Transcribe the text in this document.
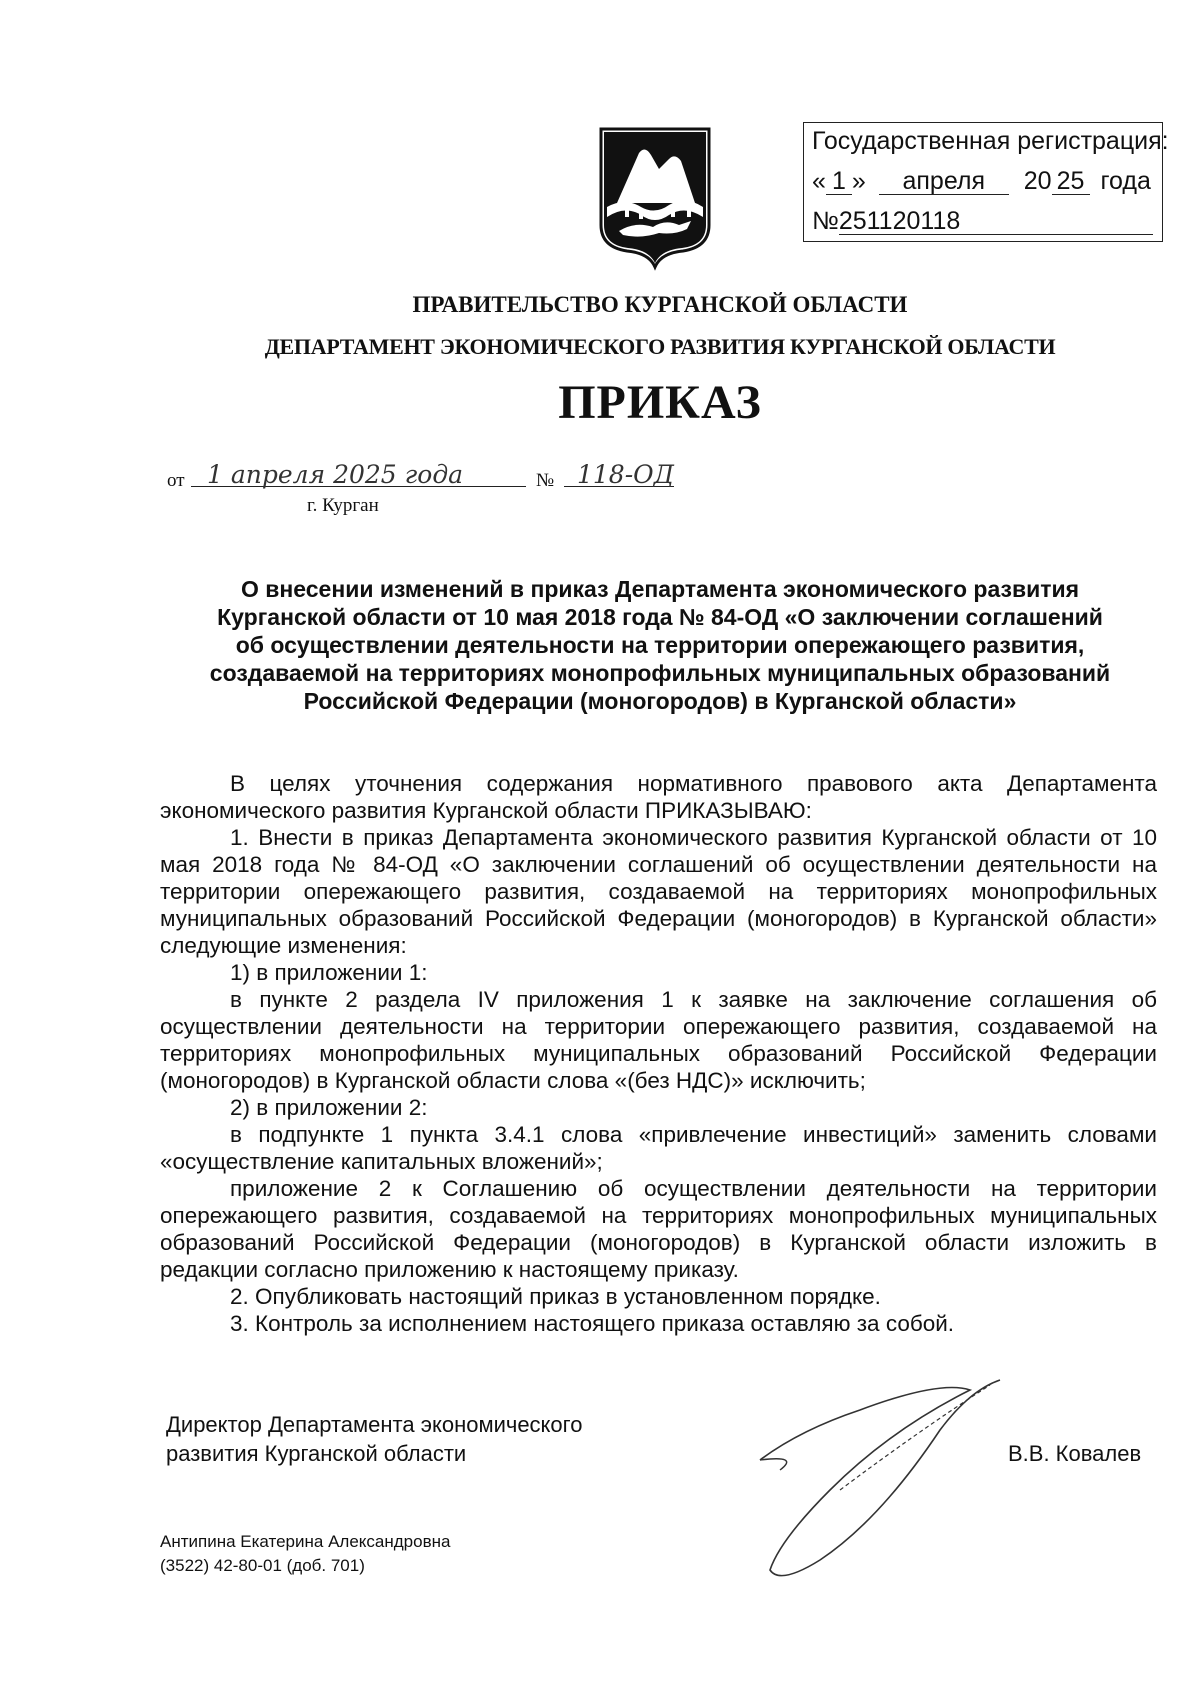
Государственная регистрация:
« 1 » апреля 20 25 года
№251120118
ПРАВИТЕЛЬСТВО КУРГАНСКОЙ ОБЛАСТИ
ДЕПАРТАМЕНТ ЭКОНОМИЧЕСКОГО РАЗВИТИЯ КУРГАНСКОЙ ОБЛАСТИ
ПРИКАЗ
от 1 апреля 2025 года	№ 118-ОД
г. Курган
О внесении изменений в приказ Департамента экономического развития
Курганской области от 10 мая 2018 года № 84-ОД «О заключении соглашений
об осуществлении деятельности на территории опережающего развития,
создаваемой на территориях монопрофильных муниципальных образований
Российской Федерации (моногородов) в Курганской области»

В целях уточнения содержания нормативного правового акта Департамента экономического развития Курганской области ПРИКАЗЫВАЮ:

1. Внести в приказ Департамента экономического развития Курганской области от 10 мая 2018 года № 84-ОД «О заключении соглашений об осуществлении деятельности на территории опережающего развития, создаваемой на территориях монопрофильных муниципальных образований Российской Федерации (моногородов) в Курганской области» следующие изменения:

1) в приложении 1:

в пункте 2 раздела IV приложения 1 к заявке на заключение соглашения об осуществлении деятельности на территории опережающего развития, создаваемой на территориях монопрофильных муниципальных образований Российской Федерации (моногородов) в Курганской области слова «(без НДС)» исключить;

2) в приложении 2:

в подпункте 1 пункта 3.4.1 слова «привлечение инвестиций» заменить словами «осуществление капитальных вложений»;

приложение 2 к Соглашению об осуществлении деятельности на территории опережающего развития, создаваемой на территориях монопрофильных муниципальных образований Российской Федерации (моногородов) в Курганской области изложить в редакции согласно приложению к настоящему приказу.

2. Опубликовать настоящий приказ в установленном порядке.

3. Контроль за исполнением настоящего приказа оставляю за собой.

Директор Департамента экономического
развития Курганской области	В.В. Ковалев
Антипина Екатерина Александровна
(3522) 42-80-01 (доб. 701)
